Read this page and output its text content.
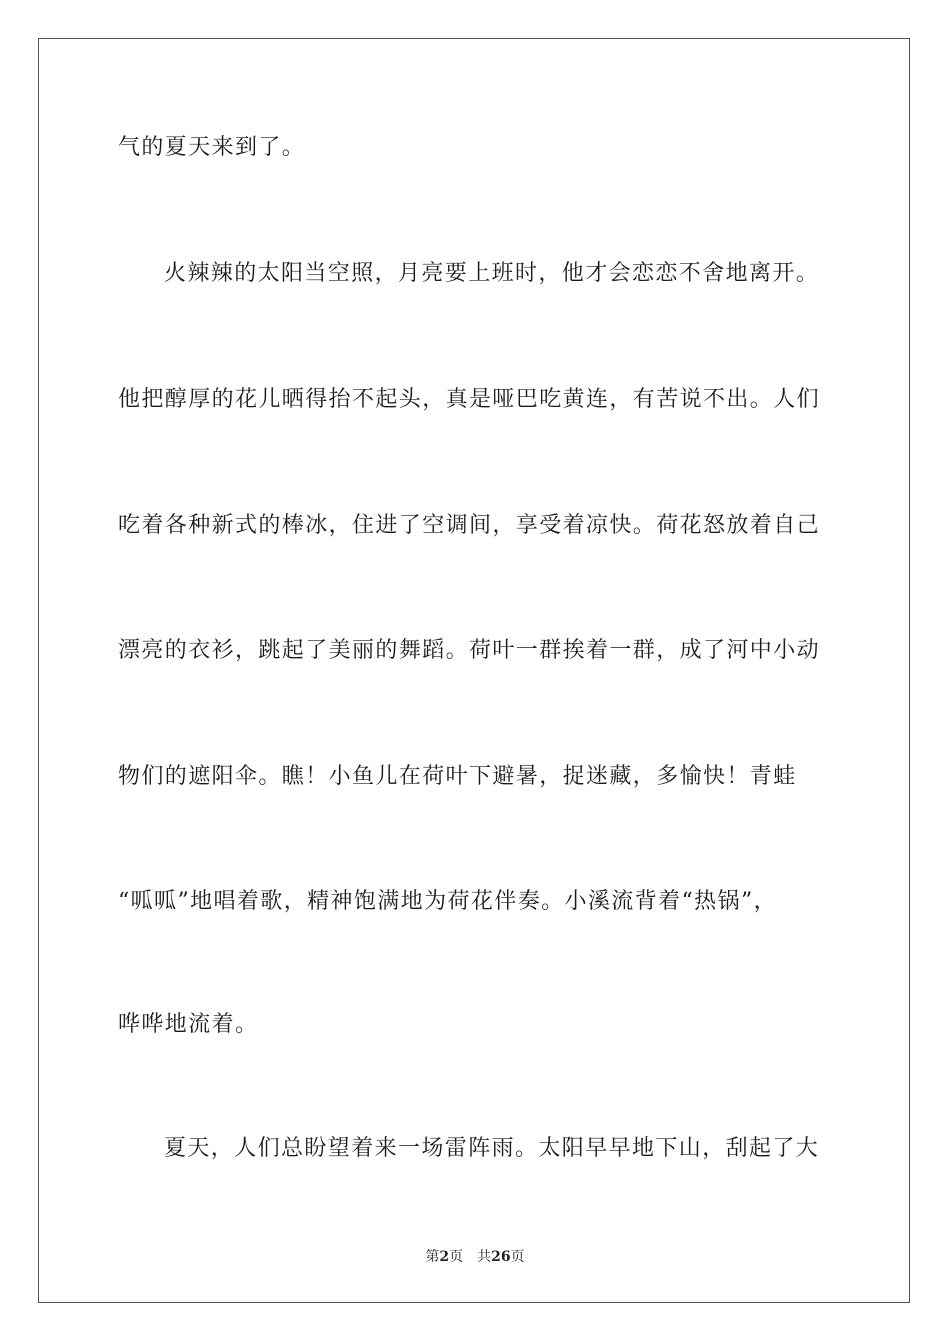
气的夏天来到了。
火辣辣的太阳当空照，月亮要上班时，他才会恋恋不舍地离开。
他把醇厚的花儿晒得抬不起头，真是哑巴吃黄连，有苦说不出。人们
吃着各种新式的棒冰，住进了空调间，享受着凉快。荷花怒放着自己
漂亮的衣衫，跳起了美丽的舞蹈。荷叶一群挨着一群，成了河中小动
物们的遮阳伞。瞧！小鱼儿在荷叶下避暑，捉迷藏，多愉快！青蛙
“呱呱”地唱着歌，精神饱满地为荷花伴奏。小溪流背着“热锅”，
哗哗地流着。
夏天，人们总盼望着来一场雷阵雨。太阳早早地下山，刮起了大
第2页 共26页
